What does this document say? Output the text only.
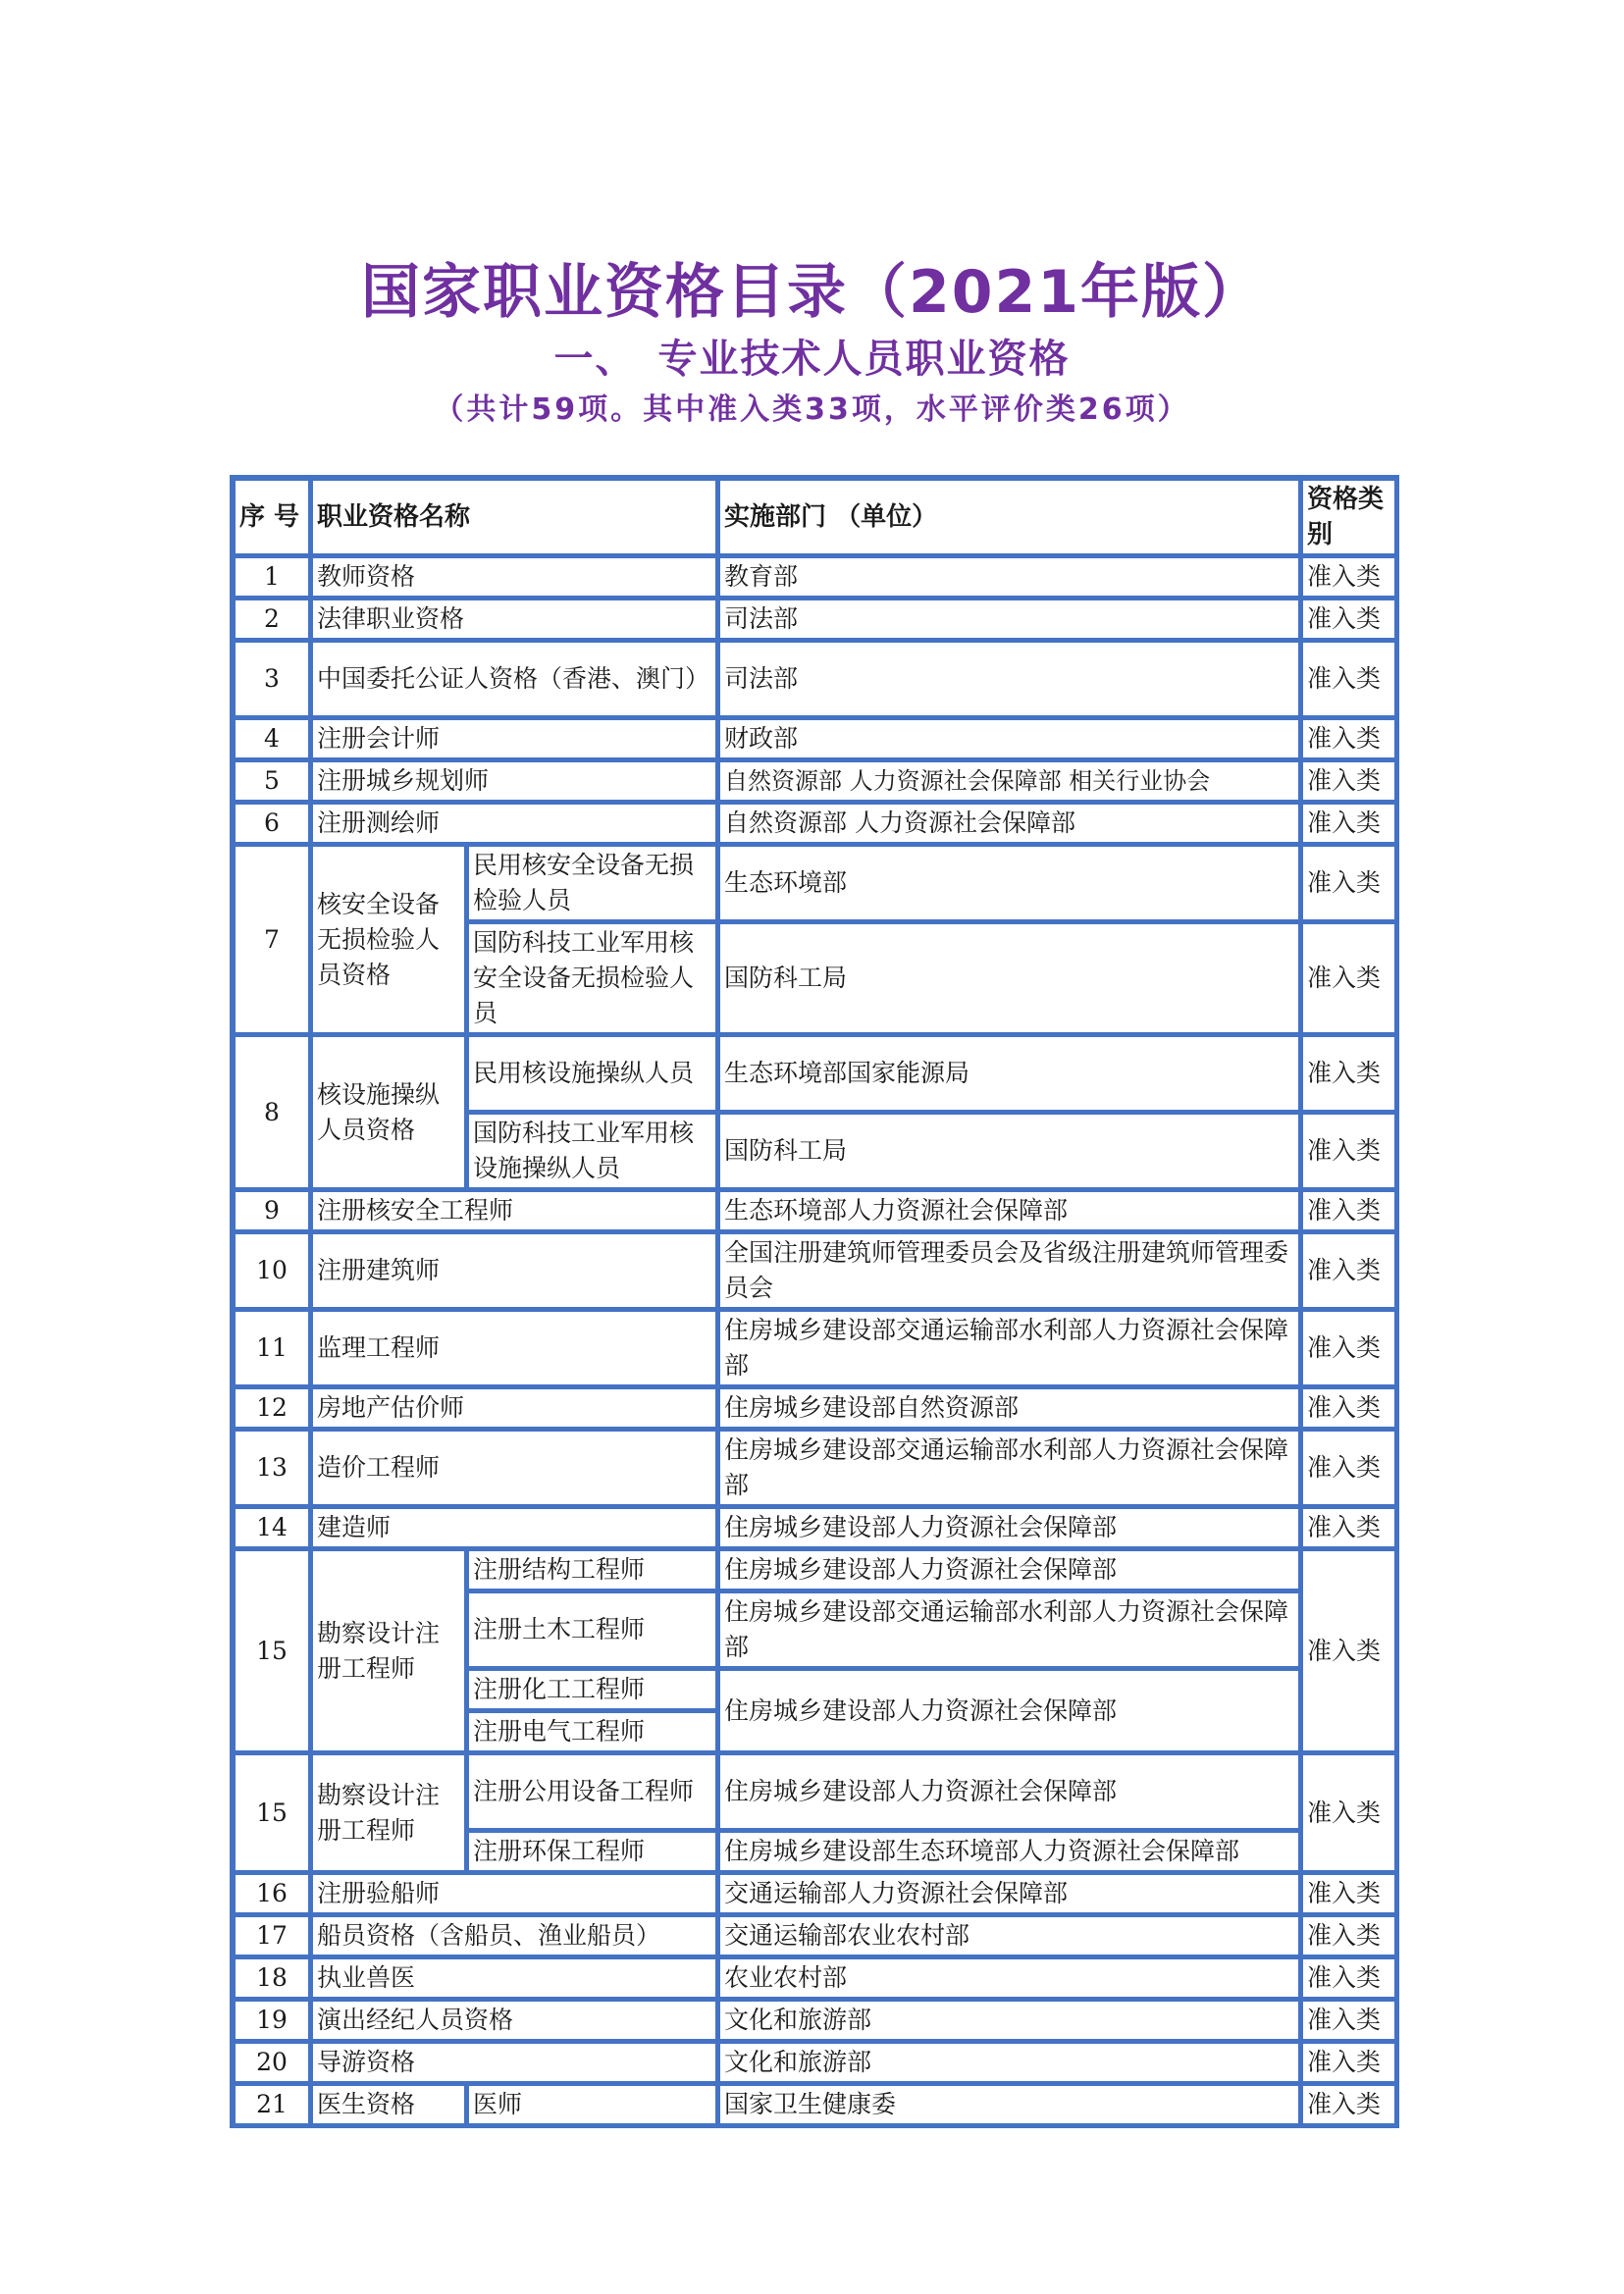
国家职业资格目录（2021年版）
一、　专业技术人员职业资格
（共计59项。其中准入类33项，水平评价类26项）
序 号	职业资格名称		实施部门 （单位）	资格类别
1	教师资格		教育部	准入类
2	法律职业资格		司法部	准入类
3	中国委托公证人资格（香港、澳门）		司法部	准入类
4	注册会计师		财政部	准入类
5	注册城乡规划师		自然资源部 人力资源社会保障部 相关行业协会	准入类
6	注册测绘师		自然资源部 人力资源社会保障部	准入类
7	核安全设备无损检验人员资格	民用核安全设备无损检验人员	生态环境部	准入类
		国防科技工业军用核安全设备无损检验人员	国防科工局	准入类
8	核设施操纵人员资格	民用核设施操纵人员	生态环境部国家能源局	准入类
		国防科技工业军用核设施操纵人员	国防科工局	准入类
9	注册核安全工程师		生态环境部人力资源社会保障部	准入类
10	注册建筑师		全国注册建筑师管理委员会及省级注册建筑师管理委员会	准入类
11	监理工程师		住房城乡建设部交通运输部水利部人力资源社会保障部	准入类
12	房地产估价师		住房城乡建设部自然资源部	准入类
13	造价工程师		住房城乡建设部交通运输部水利部人力资源社会保障部	准入类
14	建造师		住房城乡建设部人力资源社会保障部	准入类
15	勘察设计注册工程师	注册结构工程师	住房城乡建设部人力资源社会保障部	准入类
		注册土木工程师	住房城乡建设部交通运输部水利部人力资源社会保障部	
		注册化工工程师	住房城乡建设部人力资源社会保障部	
		注册电气工程师		
15	勘察设计注册工程师	注册公用设备工程师	住房城乡建设部人力资源社会保障部	准入类
		注册环保工程师	住房城乡建设部生态环境部人力资源社会保障部	
16	注册验船师		交通运输部人力资源社会保障部	准入类
17	船员资格（含船员、渔业船员）		交通运输部农业农村部	准入类
18	执业兽医		农业农村部	准入类
19	演出经纪人员资格		文化和旅游部	准入类
20	导游资格		文化和旅游部	准入类
21	医生资格	医师	国家卫生健康委	准入类
